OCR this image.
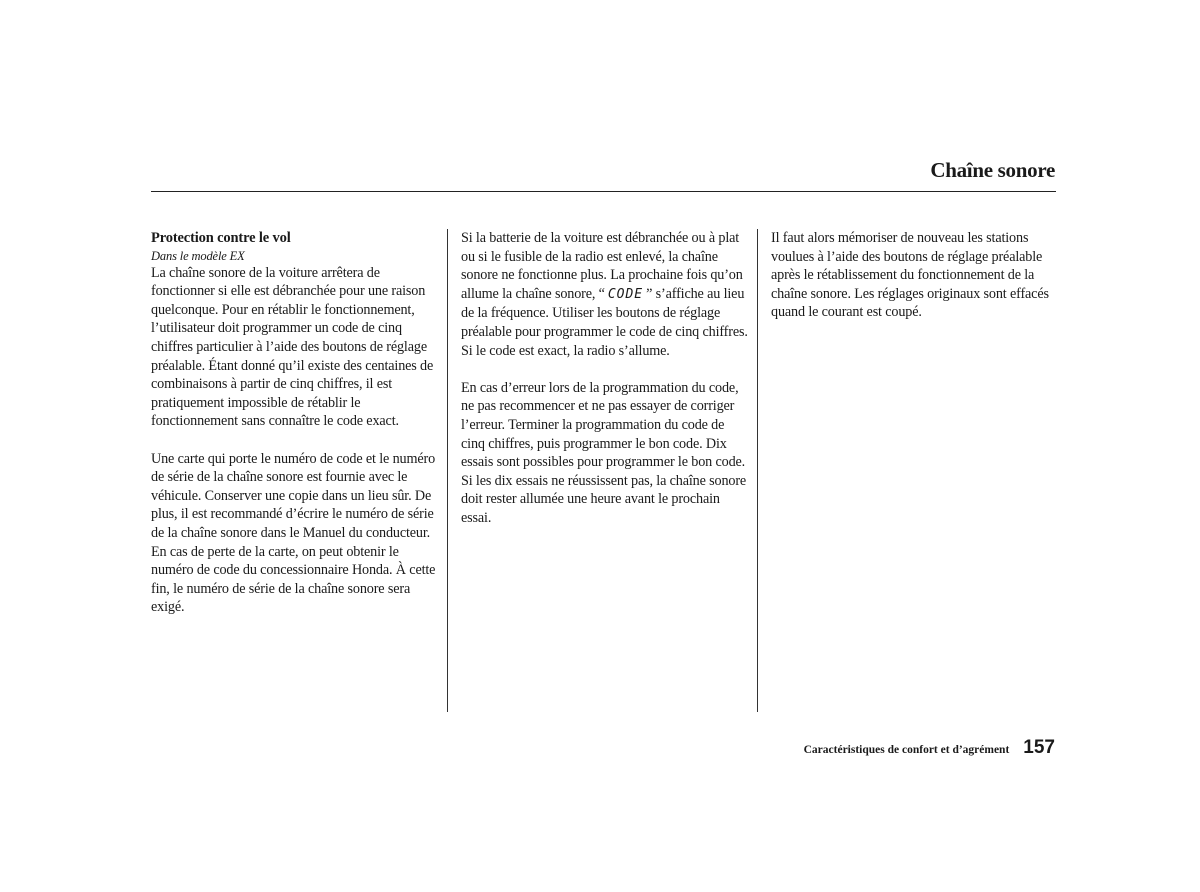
Chaîne sonore
Protection contre le vol
Dans le modèle EX

La chaîne sonore de la voiture arrêtera de fonctionner si elle est débranchée pour une raison quelconque. Pour en rétablir le fonctionnement, l’utilisateur doit programmer un code de cinq chiffres particulier à l’aide des boutons de réglage préalable. Étant donné qu’il existe des centaines de combinaisons à partir de cinq chiffres, il est pratiquement impossible de rétablir le fonctionnement sans connaître le code exact.

Une carte qui porte le numéro de code et le numéro de série de la chaîne sonore est fournie avec le véhicule. Conserver une copie dans un lieu sûr. De plus, il est recommandé d’écrire le numéro de série de la chaîne sonore dans le Manuel du conducteur. En cas de perte de la carte, on peut obtenir le numéro de code du concessionnaire Honda. À cette fin, le numéro de série de la chaîne sonore sera exigé.

Si la batterie de la voiture est débranchée ou à plat ou si le fusible de la radio est enlevé, la chaîne sonore ne fonctionne plus. La prochaine fois qu’on allume la chaîne sonore, “ CODE ” s’affiche au lieu de la fréquence. Utiliser les boutons de réglage préalable pour programmer le code de cinq chiffres. Si le code est exact, la radio s’allume.

En cas d’erreur lors de la programmation du code, ne pas recommencer et ne pas essayer de corriger l’erreur. Terminer la programmation du code de cinq chiffres, puis programmer le bon code. Dix essais sont possibles pour programmer le bon code. Si les dix essais ne réussissent pas, la chaîne sonore doit rester allumée une heure avant le prochain essai.

Il faut alors mémoriser de nouveau les stations voulues à l’aide des boutons de réglage préalable après le rétablissement du fonctionnement de la chaîne sonore. Les réglages originaux sont effacés quand le courant est coupé.

Caractéristiques de confort et d’agrément 157
